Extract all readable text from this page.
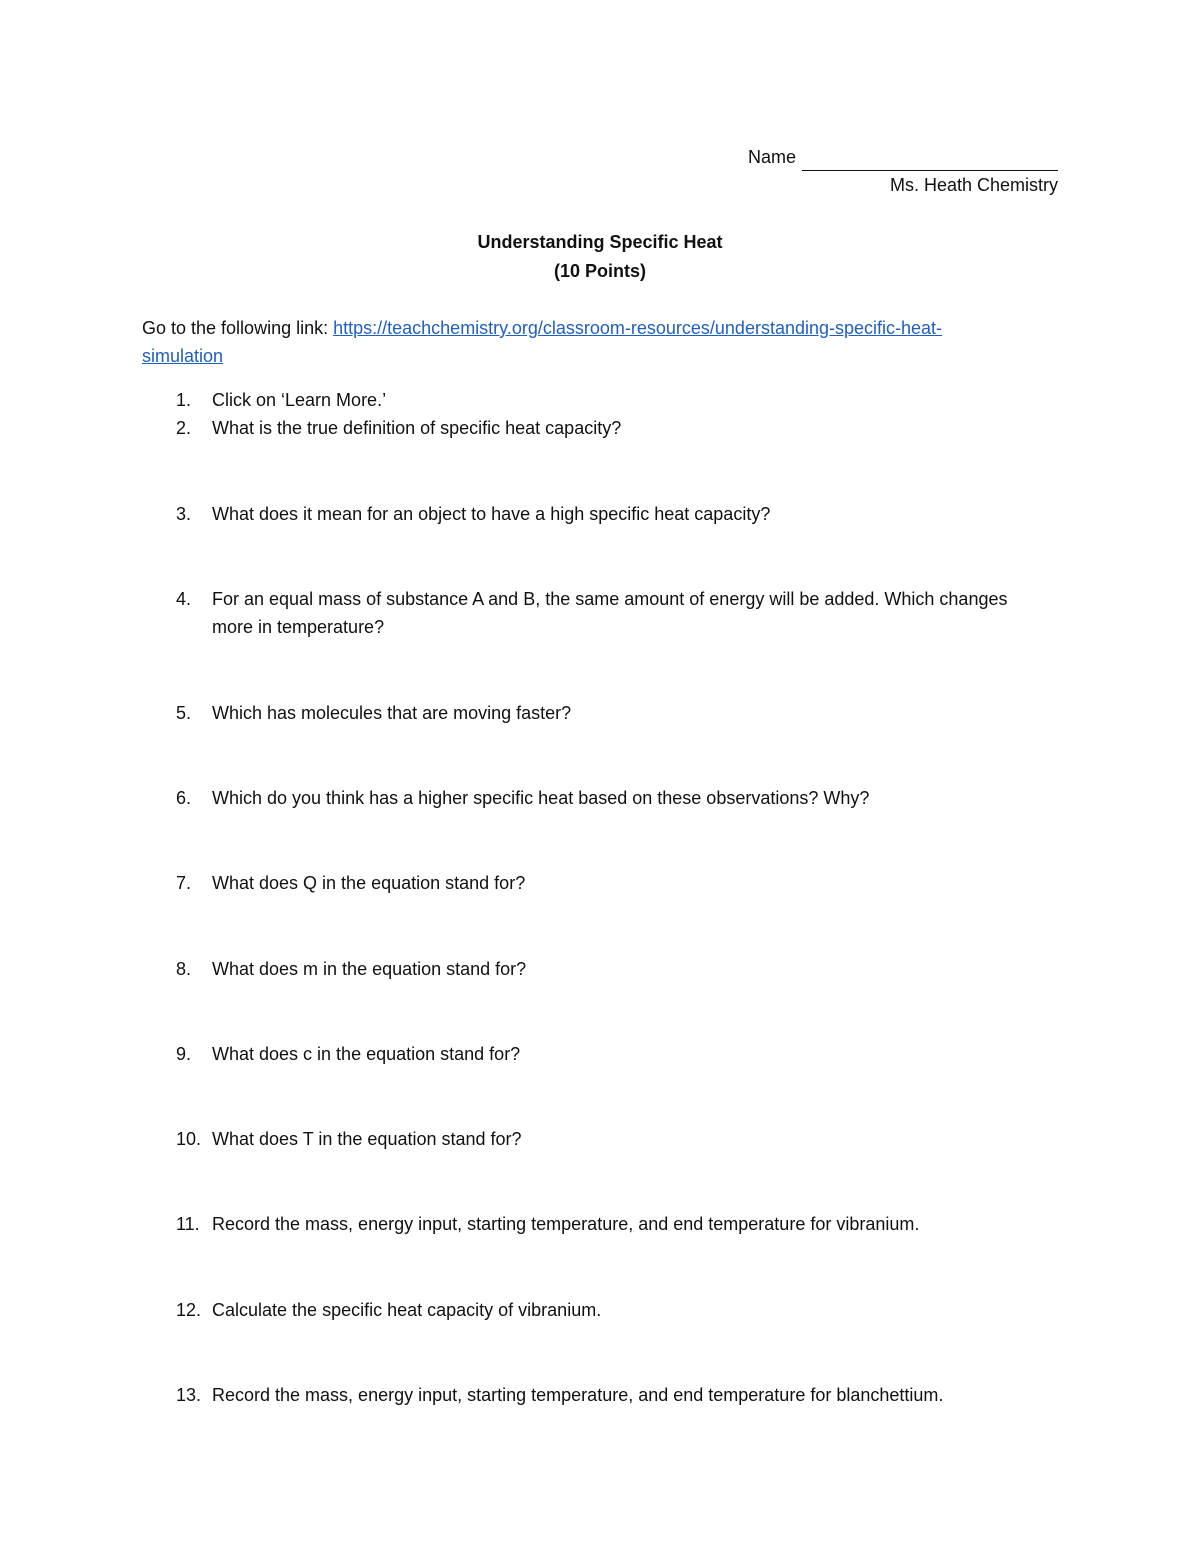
Name
Ms. Heath Chemistry
Understanding Specific Heat
(10 Points)
Go to the following link: https://teachchemistry.org/classroom-resources/understanding-specific-heat-
simulation
1.	Click on ‘Learn More.’
2.	What is the true definition of specific heat capacity?
3.	What does it mean for an object to have a high specific heat capacity?
4.	For an equal mass of substance A and B, the same amount of energy will be added. Which changes more in temperature?
5.	Which has molecules that are moving faster?
6.	Which do you think has a higher specific heat based on these observations? Why?
7.	What does Q in the equation stand for?
8.	What does m in the equation stand for?
9.	What does c in the equation stand for?
10. What does T in the equation stand for?
11. Record the mass, energy input, starting temperature, and end temperature for vibranium.
12. Calculate the specific heat capacity of vibranium.
13. Record the mass, energy input, starting temperature, and end temperature for blanchettium.
